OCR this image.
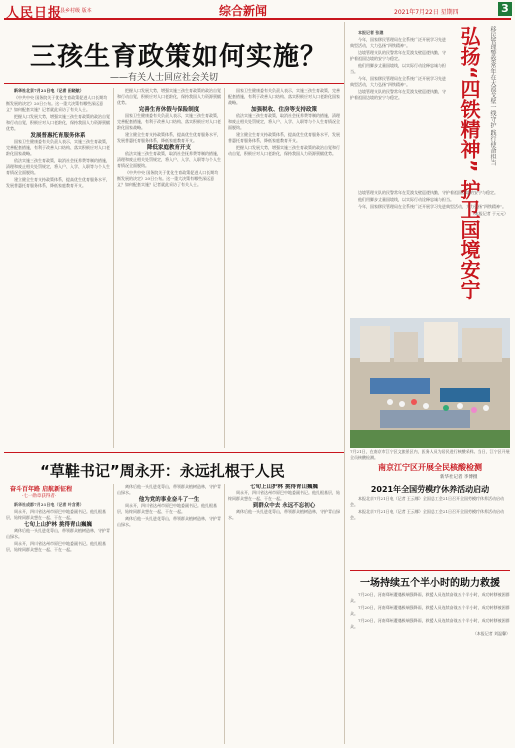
人民日报
县乡村级 版本	综合新闻	2021年7月22日 星期四	3
三孩生育政策如何实施？
——有关人士回应社会关切

新华社北京7月21日电（记者 田晓航）

《中共中央 国务院关于优化生育政策促进人口长期均衡发展的决定》20日公布。这一重大决策有哪些深远意义？如何配套实施？记者就此采访了有关人士。

把握人口发展大势，增强实施三孩生育政策的政治自觉和行动自觉，积极应对人口老龄化，保持我国人力资源禀赋优势。

发展普惠托育服务体系

国家卫生健康委有关负责人表示，实施三孩生育政策，完善配套措施，有利于改善人口结构、落实积极应对人口老龄化国家战略。

依法实施三孩生育政策，取消社会抚养费等制约措施，清理和废止相关处罚规定，将入户、入学、入职等与个人生育情况全面脱钩。

建立健全生育支持政策体系，提高优生优育服务水平，发展普惠托育服务体系，降低家庭教育开支。

把握人口发展大势，增强实施三孩生育政策的政治自觉和行动自觉，积极应对人口老龄化，保持我国人力资源禀赋优势。

完善生育休假与保险制度

国家卫生健康委有关负责人表示，实施三孩生育政策，完善配套措施，有利于改善人口结构、落实积极应对人口老龄化国家战略。

建立健全生育支持政策体系，提高优生优育服务水平，发展普惠托育服务体系，降低家庭教育开支。

降低家庭教育开支

依法实施三孩生育政策，取消社会抚养费等制约措施，清理和废止相关处罚规定，将入户、入学、入职等与个人生育情况全面脱钩。

《中共中央 国务院关于优化生育政策促进人口长期均衡发展的决定》20日公布。这一重大决策有哪些深远意义？如何配套实施？记者就此采访了有关人士。

国家卫生健康委有关负责人表示，实施三孩生育政策，完善配套措施，有利于改善人口结构、落实积极应对人口老龄化国家战略。

加强税收、住房等支持政策

依法实施三孩生育政策，取消社会抚养费等制约措施，清理和废止相关处罚规定，将入户、入学、入职等与个人生育情况全面脱钩。

建立健全生育支持政策体系，提高优生优育服务水平，发展普惠托育服务体系，降低家庭教育开支。

把握人口发展大势，增强实施三孩生育政策的政治自觉和行动自觉，积极应对人口老龄化，保持我国人力资源禀赋优势。	弘扬“四铁精神” 护卫国境安宁	移民管理警察常年在大漠戈壁一线守护 践行使命担当

本报记者 张璁

今年，国家移民管理局在全系统广泛开展学习先进典型活动，大力弘扬“四铁精神”。

边境管理支队的民警常年在荒漠戈壁巡逻执勤，守护着祖国边境的安宁与稳定。

他们用脚步丈量国境线，以实际行动诠释忠诚与担当。

今年，国家移民管理局在全系统广泛开展学习先进典型活动，大力弘扬“四铁精神”。

边境管理支队的民警常年在荒漠戈壁巡逻执勤，守护着祖国边境的安宁与稳定。

边境管理支队的民警常年在荒漠戈壁巡逻执勤，守护着祖国边境的安宁与稳定。

他们用脚步丈量国境线，以实际行动诠释忠诚与担当。

今年，国家移民管理局在全系统广泛开展学习先进典型活动，大力弘扬“四铁精神”。

（本报记者 于元元）

7月21日，在南京市江宁区文旅景区内，医务人员为居民进行核酸采样。当日，江宁区开展全员核酸检测。

南京江宁区开展全民核酸检测
新华社记者 李博摄
“草鞋书记”周永开：永远扎根于人民
奋斗百年路 启航新征程
·七一勋章获得者·

新华社成都7月21日电（记者 叶含勇）

周永开，四川省达州市原巴中地委副书记。他扎根基层，始终同群众想在一起、干在一起。

七旬上山护林 挑得青山巍巍

离休后他一头扎进花萼山，带领群众植树造林，守护青山绿水。

周永开，四川省达州市原巴中地委副书记。他扎根基层，始终同群众想在一起、干在一起。

离休后他一头扎进花萼山，带领群众植树造林，守护青山绿水。

他为党的事业奋斗了一生

周永开，四川省达州市原巴中地委副书记。他扎根基层，始终同群众想在一起、干在一起。

离休后他一头扎进花萼山，带领群众植树造林，守护青山绿水。

七旬上山护林 挑得青山巍巍

周永开，四川省达州市原巴中地委副书记。他扎根基层，始终同群众想在一起、干在一起。

到群众中去 永远不忘初心

离休后他一头扎进花萼山，带领群众植树造林，守护青山绿水。

2021年全国劳模疗休养活动启动

本报北京7月21日电（记者 王云娜）全国总工会21日召开全国劳模疗休养活动启动会。

本报北京7月21日电（记者 王云娜）全国总工会21日召开全国劳模疗休养活动启动会。

一场持续五个半小时的助力救援

7月20日，河南郑州遭遇极端强降雨，救援人员连续奋战五个半小时，成功转移被困群众。

7月20日，河南郑州遭遇极端强降雨，救援人员连续奋战五个半小时，成功转移被困群众。

7月20日，河南郑州遭遇极端强降雨，救援人员连续奋战五个半小时，成功转移被困群众。

（本报记者 刘温馨）
